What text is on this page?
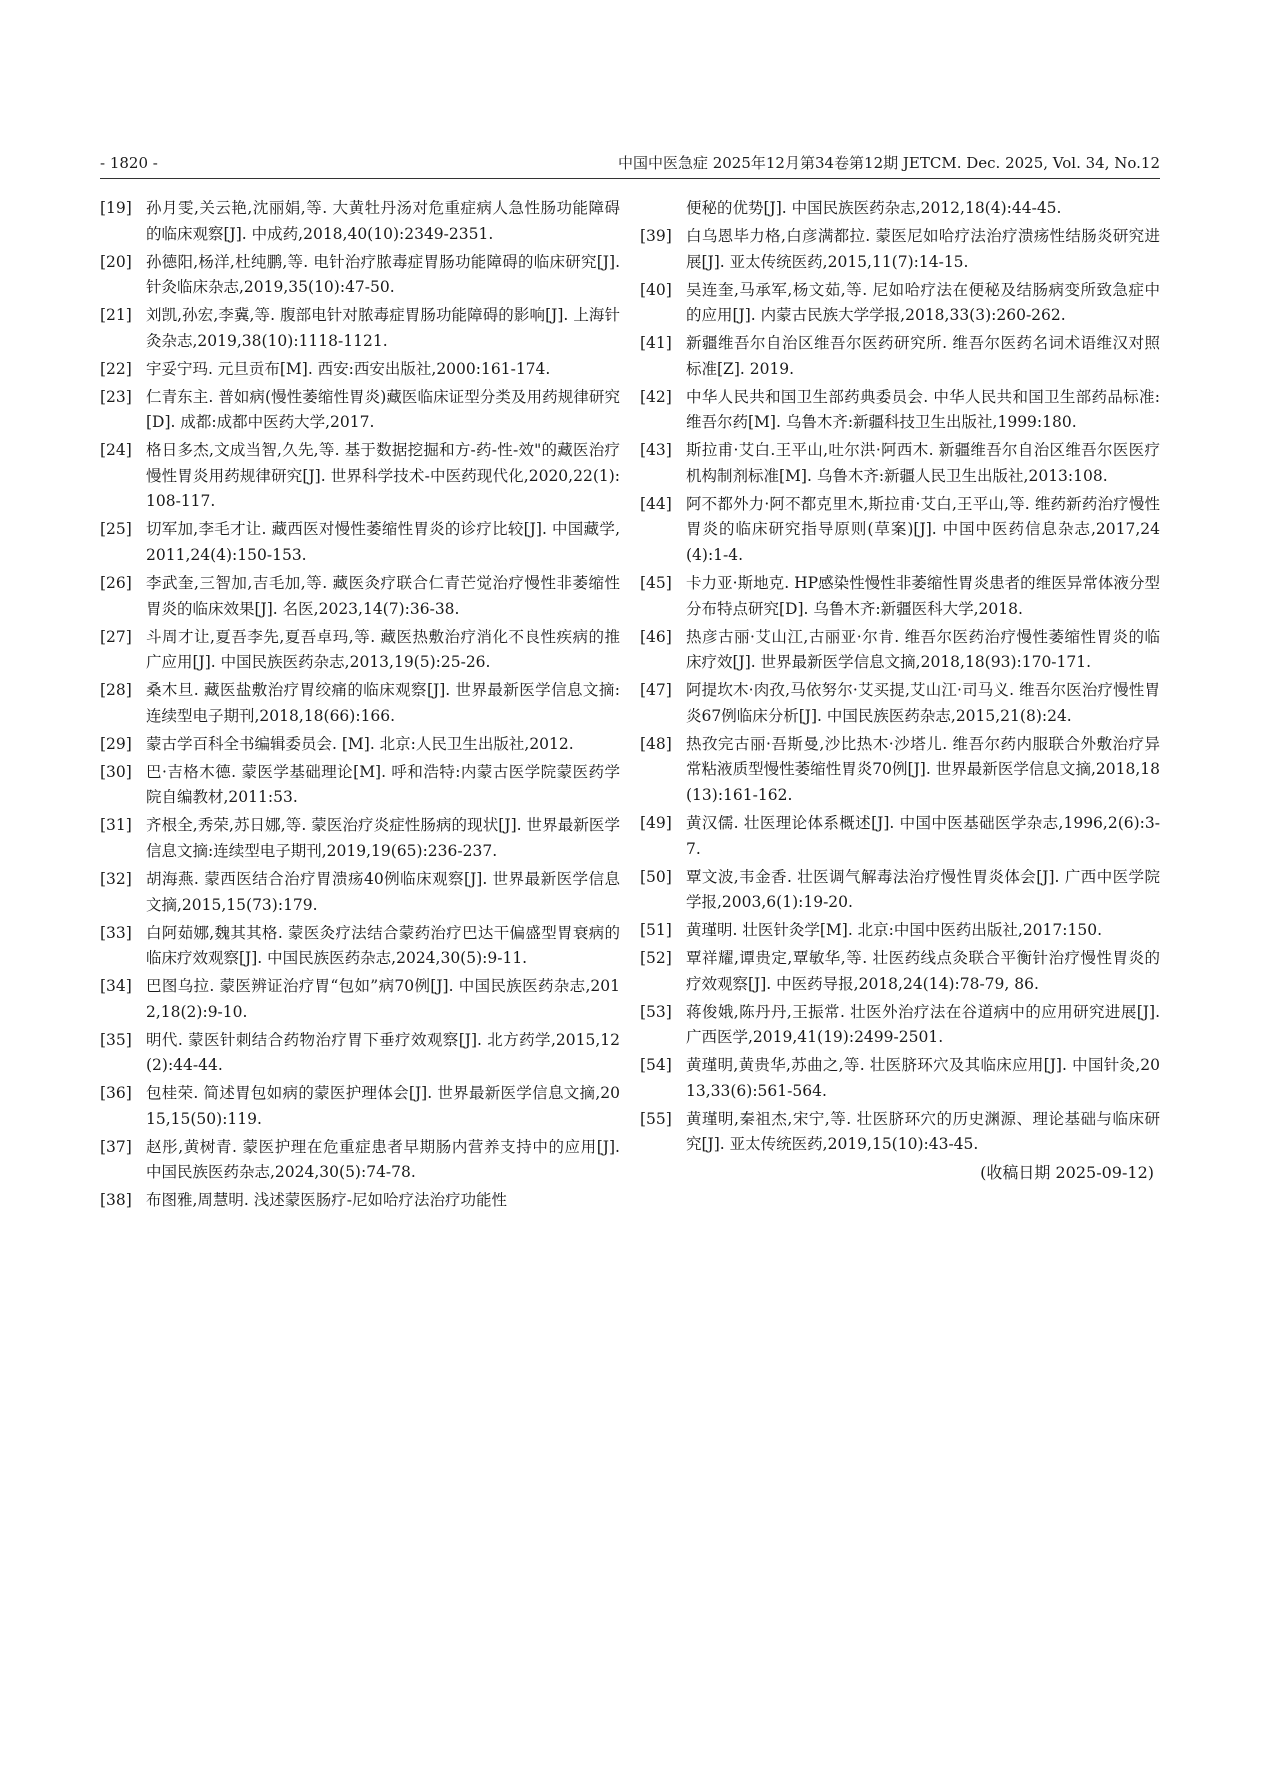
- 1820 -	中国中医急症 2025年12月第34卷第12期 JETCM. Dec. 2025, Vol. 34, No.12
[19] 孙月雯,关云艳,沈丽娟,等. 大黄牡丹汤对危重症病人急性肠功能障碍的临床观察[J]. 中成药,2018,40(10):2349-2351.
[20] 孙德阳,杨洋,杜纯鹏,等. 电针治疗脓毒症胃肠功能障碍的临床研究[J]. 针灸临床杂志,2019,35(10):47-50.
[21] 刘凯,孙宏,李冀,等. 腹部电针对脓毒症胃肠功能障碍的影响[J]. 上海针灸杂志,2019,38(10):1118-1121.
[22] 宇妥宁玛. 元旦贡布[M]. 西安:西安出版社,2000:161-174.
[23] 仁青东主. 普如病(慢性萎缩性胃炎)藏医临床证型分类及用药规律研究[D]. 成都:成都中医药大学,2017.
[24] 格日多杰,文成当智,久先,等. 基于数据挖掘和方-药-性-效"的藏医治疗慢性胃炎用药规律研究[J]. 世界科学技术-中医药现代化,2020,22(1):108-117.
[25] 切军加,李毛才让. 藏西医对慢性萎缩性胃炎的诊疗比较[J]. 中国藏学,2011,24(4):150-153.
[26] 李武奎,三智加,吉毛加,等. 藏医灸疗联合仁青芒觉治疗慢性非萎缩性胃炎的临床效果[J]. 名医,2023,14(7):36-38.
[27] 斗周才让,夏吾李先,夏吾卓玛,等. 藏医热敷治疗消化不良性疾病的推广应用[J]. 中国民族医药杂志,2013,19(5):25-26.
[28] 桑木旦. 藏医盐敷治疗胃绞痛的临床观察[J]. 世界最新医学信息文摘:连续型电子期刊,2018,18(66):166.
[29] 蒙古学百科全书编辑委员会. [M]. 北京:人民卫生出版社,2012.
[30] 巴·吉格木德. 蒙医学基础理论[M]. 呼和浩特:内蒙古医学院蒙医药学院自编教材,2011:53.
[31] 齐根全,秀荣,苏日娜,等. 蒙医治疗炎症性肠病的现状[J]. 世界最新医学信息文摘:连续型电子期刊,2019,19(65):236-237.
[32] 胡海燕. 蒙西医结合治疗胃溃疡40例临床观察[J]. 世界最新医学信息文摘,2015,15(73):179.
[33] 白阿茹娜,魏其其格. 蒙医灸疗法结合蒙药治疗巴达干偏盛型胃衰病的临床疗效观察[J]. 中国民族医药杂志,2024,30(5):9-11.
[34] 巴图乌拉. 蒙医辨证治疗胃“包如”病70例[J]. 中国民族医药杂志,2012,18(2):9-10.
[35] 明代. 蒙医针刺结合药物治疗胃下垂疗效观察[J]. 北方药学,2015,12(2):44-44.
[36] 包桂荣. 简述胃包如病的蒙医护理体会[J]. 世界最新医学信息文摘,2015,15(50):119.
[37] 赵彤,黄树青. 蒙医护理在危重症患者早期肠内营养支持中的应用[J]. 中国民族医药杂志,2024,30(5):74-78.
[38] 布图雅,周慧明. 浅述蒙医肠疗-尼如哈疗法治疗功能性
便秘的优势[J]. 中国民族医药杂志,2012,18(4):44-45.
[39] 白乌恩毕力格,白彦满都拉. 蒙医尼如哈疗法治疗溃疡性结肠炎研究进展[J]. 亚太传统医药,2015,11(7):14-15.
[40] 吴连奎,马承军,杨文茹,等. 尼如哈疗法在便秘及结肠病变所致急症中的应用[J]. 内蒙古民族大学学报,2018,33(3):260-262.
[41] 新疆维吾尔自治区维吾尔医药研究所. 维吾尔医药名词术语维汉对照标准[Z]. 2019.
[42] 中华人民共和国卫生部药典委员会. 中华人民共和国卫生部药品标准:维吾尔药[M]. 乌鲁木齐:新疆科技卫生出版社,1999:180.
[43] 斯拉甫·艾白.王平山,吐尔洪·阿西木. 新疆维吾尔自治区维吾尔医医疗机构制剂标准[M]. 乌鲁木齐:新疆人民卫生出版社,2013:108.
[44] 阿不都外力·阿不都克里木,斯拉甫·艾白,王平山,等. 维药新药治疗慢性胃炎的临床研究指导原则(草案)[J]. 中国中医药信息杂志,2017,24(4):1-4.
[45] 卡力亚·斯地克. HP感染性慢性非萎缩性胃炎患者的维医异常体液分型分布特点研究[D]. 乌鲁木齐:新疆医科大学,2018.
[46] 热彦古丽·艾山江,古丽亚·尔肯. 维吾尔医药治疗慢性萎缩性胃炎的临床疗效[J]. 世界最新医学信息文摘,2018,18(93):170-171.
[47] 阿提坎木·肉孜,马依努尔·艾买提,艾山江·司马义. 维吾尔医治疗慢性胃炎67例临床分析[J]. 中国民族医药杂志,2015,21(8):24.
[48] 热孜完古丽·吾斯曼,沙比热木·沙塔儿. 维吾尔药内服联合外敷治疗异常粘液质型慢性萎缩性胃炎70例[J]. 世界最新医学信息文摘,2018,18(13):161-162.
[49] 黄汉儒. 壮医理论体系概述[J]. 中国中医基础医学杂志,1996,2(6):3-7.
[50] 覃文波,韦金香. 壮医调气解毒法治疗慢性胃炎体会[J]. 广西中医学院学报,2003,6(1):19-20.
[51] 黄瑾明. 壮医针灸学[M]. 北京:中国中医药出版社,2017:150.
[52] 覃祥耀,谭贵定,覃敏华,等. 壮医药线点灸联合平衡针治疗慢性胃炎的疗效观察[J]. 中医药导报,2018,24(14):78-79, 86.
[53] 蒋俊娥,陈丹丹,王振常. 壮医外治疗法在谷道病中的应用研究进展[J]. 广西医学,2019,41(19):2499-2501.
[54] 黄瑾明,黄贵华,苏曲之,等. 壮医脐环穴及其临床应用[J]. 中国针灸,2013,33(6):561-564.
[55] 黄瑾明,秦祖杰,宋宁,等. 壮医脐环穴的历史渊源、理论基础与临床研究[J]. 亚太传统医药,2019,15(10):43-45.
(收稿日期 2025-09-12)
